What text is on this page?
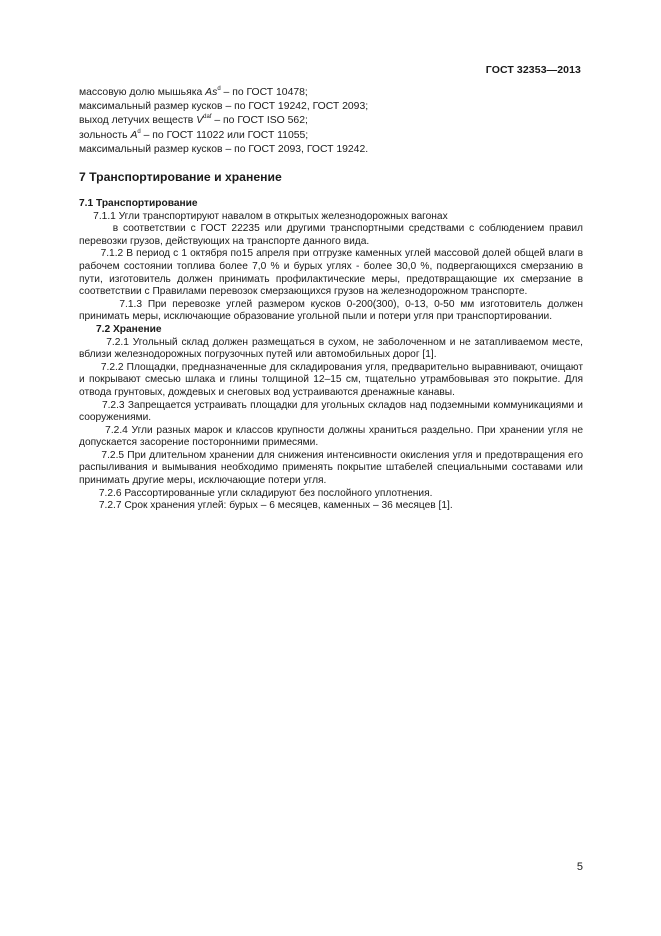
ГОСТ 32353—2013
массовую долю мышьяка As$^d$ – по ГОСТ 10478;
максимальный размер кусков – по ГОСТ 19242, ГОСТ 2093;
выход летучих веществ $V^{daf}$ – по ГОСТ ISO 562;
зольность $A^d$ – по ГОСТ 11022 или ГОСТ 11055;
максимальный размер кусков – по ГОСТ 2093, ГОСТ 19242.
7 Транспортирование и хранение

7.1 Транспортирование

7.1.1 Угли транспортируют навалом в открытых железнодорожных вагонах

в соответствии с ГОСТ 22235 или другими транспортными средствами с соблюдением правил перевозки грузов, действующих на транспорте данного вида.

7.1.2 В период с 1 октября по15 апреля при отгрузке каменных углей массовой долей общей влаги в рабочем состоянии топлива более 7,0 % и бурых углях - более 30,0 %, подвергающихся смерзанию в пути, изготовитель должен принимать профилактические меры, предотвращающие их смерзание в соответствии с Правилами перевозок смерзающихся грузов на железнодорожном транспорте.

7.1.3 При перевозке углей размером кусков 0-200(300), 0-13, 0-50 мм изготовитель должен принимать меры, исключающие образование угольной пыли и потери угля при транспортировании.

7.2 Хранение

7.2.1 Угольный склад должен размещаться в сухом, не заболоченном и не затапливаемом месте, вблизи железнодорожных погрузочных путей или автомобильных дорог [1].

7.2.2 Площадки, предназначенные для складирования угля, предварительно выравнивают, очищают и покрывают смесью шлака и глины толщиной 12–15 см, тщательно утрамбовывая это покрытие. Для отвода грунтовых, дождевых и снеговых вод устраиваются дренажные канавы.

7.2.3 Запрещается устраивать площадки для угольных складов над подземными коммуникациями и сооружениями.

7.2.4 Угли разных марок и классов крупности должны храниться раздельно. При хранении угля не допускается засорение посторонними примесями.

7.2.5 При длительном хранении для снижения интенсивности окисления угля и предотвращения его распыливания и вымывания необходимо применять покрытие штабелей специальными составами или принимать другие меры, исключающие потери угля.

7.2.6 Рассортированные угли складируют без послойного уплотнения.

7.2.7 Срок хранения углей: бурых – 6 месяцев, каменных – 36 месяцев [1].

5
